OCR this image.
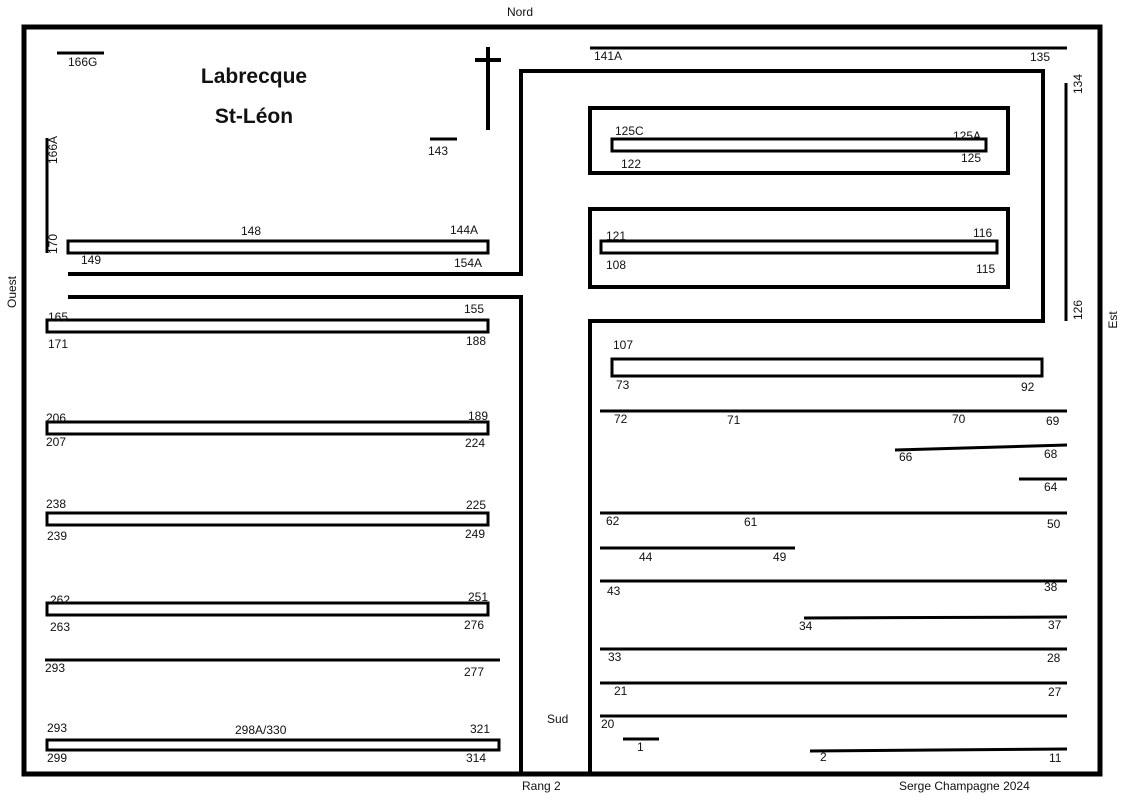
Labrecque
St-Léon
Nord
Sud
Est
Ouest
Rang 2	Serge Champagne 2024
166G
166A
170
143
148	144A
149	154A
155
165
171	188
206	189
207	224
238	225
239	249
262	251
263	276
293	277
293	298A/330	321
299	314
141A	135
134
126
125C	125A
122	125
121	116
108	115
107
73	92
72	71	70	69
66	68
64
62	61	50
44	49
43	38
34	37
33	28
21	27
20
1
2	11
